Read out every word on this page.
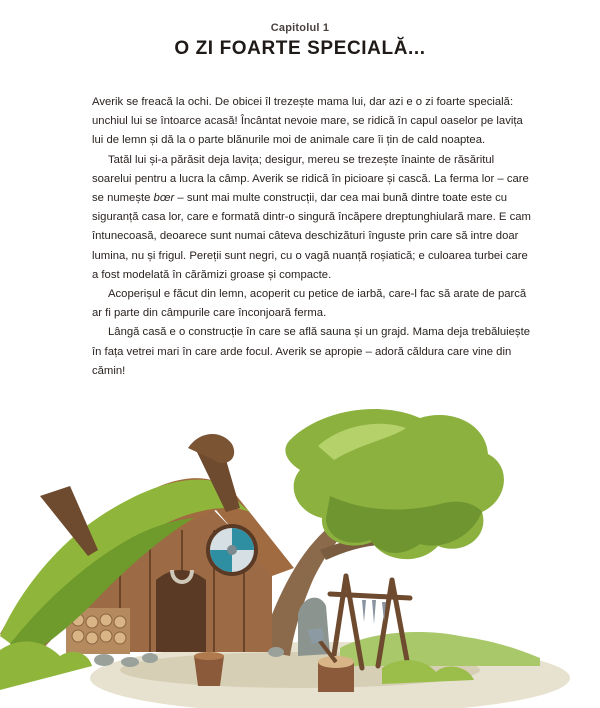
Capitolul 1
O ZI FOARTE SPECIALĂ...

Averik se freacă la ochi. De obicei îl trezește mama lui, dar azi e o zi foarte specială: unchiul lui se întoarce acasă! Încântat nevoie mare, se ridică în capul oaselor pe lavița lui de lemn și dă la o parte blănurile moi de animale care îi țin de cald noaptea.

Tatăl lui și-a părăsit deja lavița; desigur, mereu se trezește înainte de răsăritul soarelui pentru a lucra la câmp. Averik se ridică în picioare și cască. La ferma lor – care se numește bœr – sunt mai multe construcții, dar cea mai bună dintre toate este cu siguranță casa lor, care e formată dintr-o singură încăpere dreptunghiulară mare. E cam întunecoasă, deoarece sunt numai câteva deschizături înguste prin care să intre doar lumina, nu și frigul. Pereții sunt negri, cu o vagă nuanță roșiatică; e culoarea turbei care a fost modelată în cărămizi groase și compacte.

Acoperișul e făcut din lemn, acoperit cu petice de iarbă, care-l fac să arate de parcă ar fi parte din câmpurile care înconjoară ferma.

Lângă casă e o construcție în care se află sauna și un grajd. Mama deja trebăluiește în fața vetrei mari în care arde focul. Averik se apropie – adoră căldura care vine din cămin!
